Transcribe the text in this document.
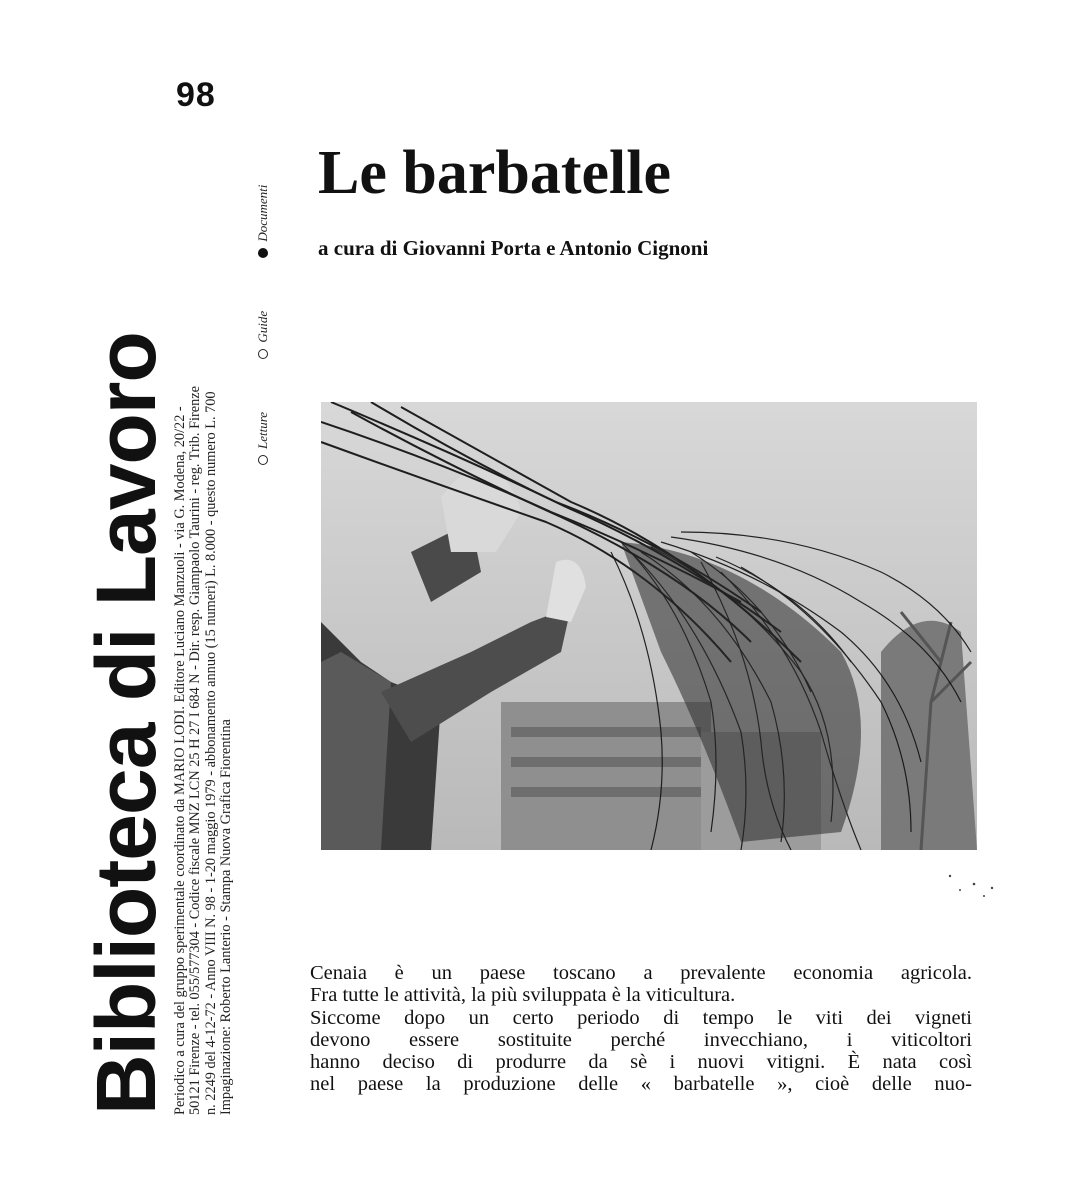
98
Biblioteca di Lavoro Periodico a cura del gruppo sperimentale coordinato da MARIO LODI. Editore Luciano Manzuoli - via G. Modena, 20/22 - 50121 Firenze - tel. 055/577304 - Codice fiscale MNZ LCN 25 H 27 I 684 N - Dir. resp. Giampaolo Taurini - reg. Trib. Firenze n. 2249 del 4-12-72 - Anno VIII N. 98 - 1-20 maggio 1979 - abbonamento annuo (15 numeri) L. 8.000 - questo numero L. 700 Impaginazione: Roberto Lanterio - Stampa Nuova Grafica Fiorentina
Letture Guide Documenti
Le barbatelle
a cura di Giovanni Porta e Antonio Cignoni
Cenaia è un paese toscano a prevalente economia agricola.
Fra tutte le attività, la più sviluppata è la viticultura.
Siccome dopo un certo periodo di tempo le viti dei vigneti
devono essere sostituite perché invecchiano, i viticoltori
hanno deciso di produrre da sè i nuovi vitigni. È nata così
nel paese la produzione delle « barbatelle », cioè delle nuo-
